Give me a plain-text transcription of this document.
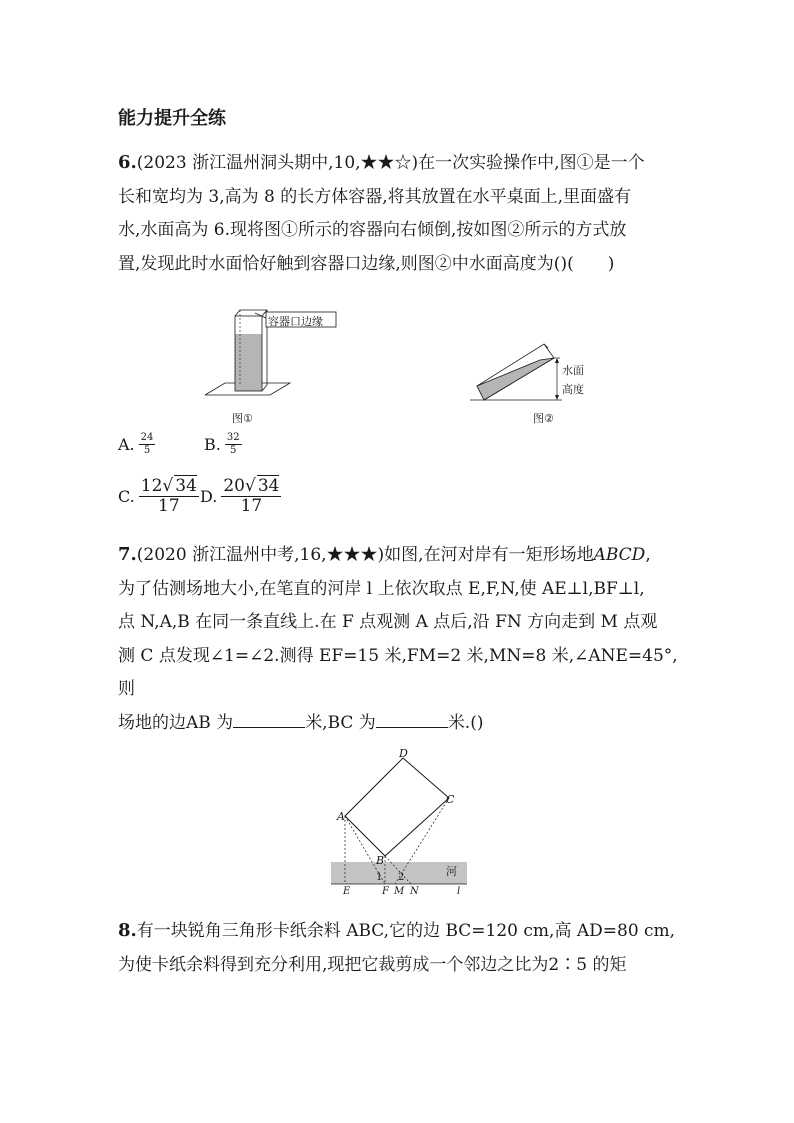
能力提升全练
6.(2023 浙江温州洞头期中,10,★★☆)在一次实验操作中,图①是一个
长和宽均为 3,高为 8 的长方体容器,将其放置在水平桌面上,里面盛有
水,水面高为 6.现将图①所示的容器向右倾倒,按如图②所示的方式放
置,发现此时水面恰好触到容器口边缘,则图②中水面高度为()(　　)
容器口边缘
图①
水面
高度
图②
A. $\frac{24}{5}$	B. $\frac{32}{5}$
C. $\frac{12√ 34}{17} D$. $\frac{20√ 34}{17}$
7.(2020 浙江温州中考,16,★★★)如图,在河对岸有一矩形场地ABCD,
为了估测场地大小,在笔直的河岸 l 上依次取点 E,F,N,使 AE⊥l,BF⊥l,
点 N,A,B 在同一条直线上.在 F 点观测 A 点后,沿 FN 方向走到 M 点观
测 C 点发现∠1=∠2.测得 EF=15 米,FM=2 米,MN=8 米,∠ANE=45°,则
场地的边AB 为	米,BC 为	米.()
D
C
A
B
1 2	河
E	F M N	l
8.有一块锐角三角形卡纸余料 ABC,它的边 BC=120 cm,高 AD=80 cm,
为使卡纸余料得到充分利用,现把它裁剪成一个邻边之比为2∶5 的矩
